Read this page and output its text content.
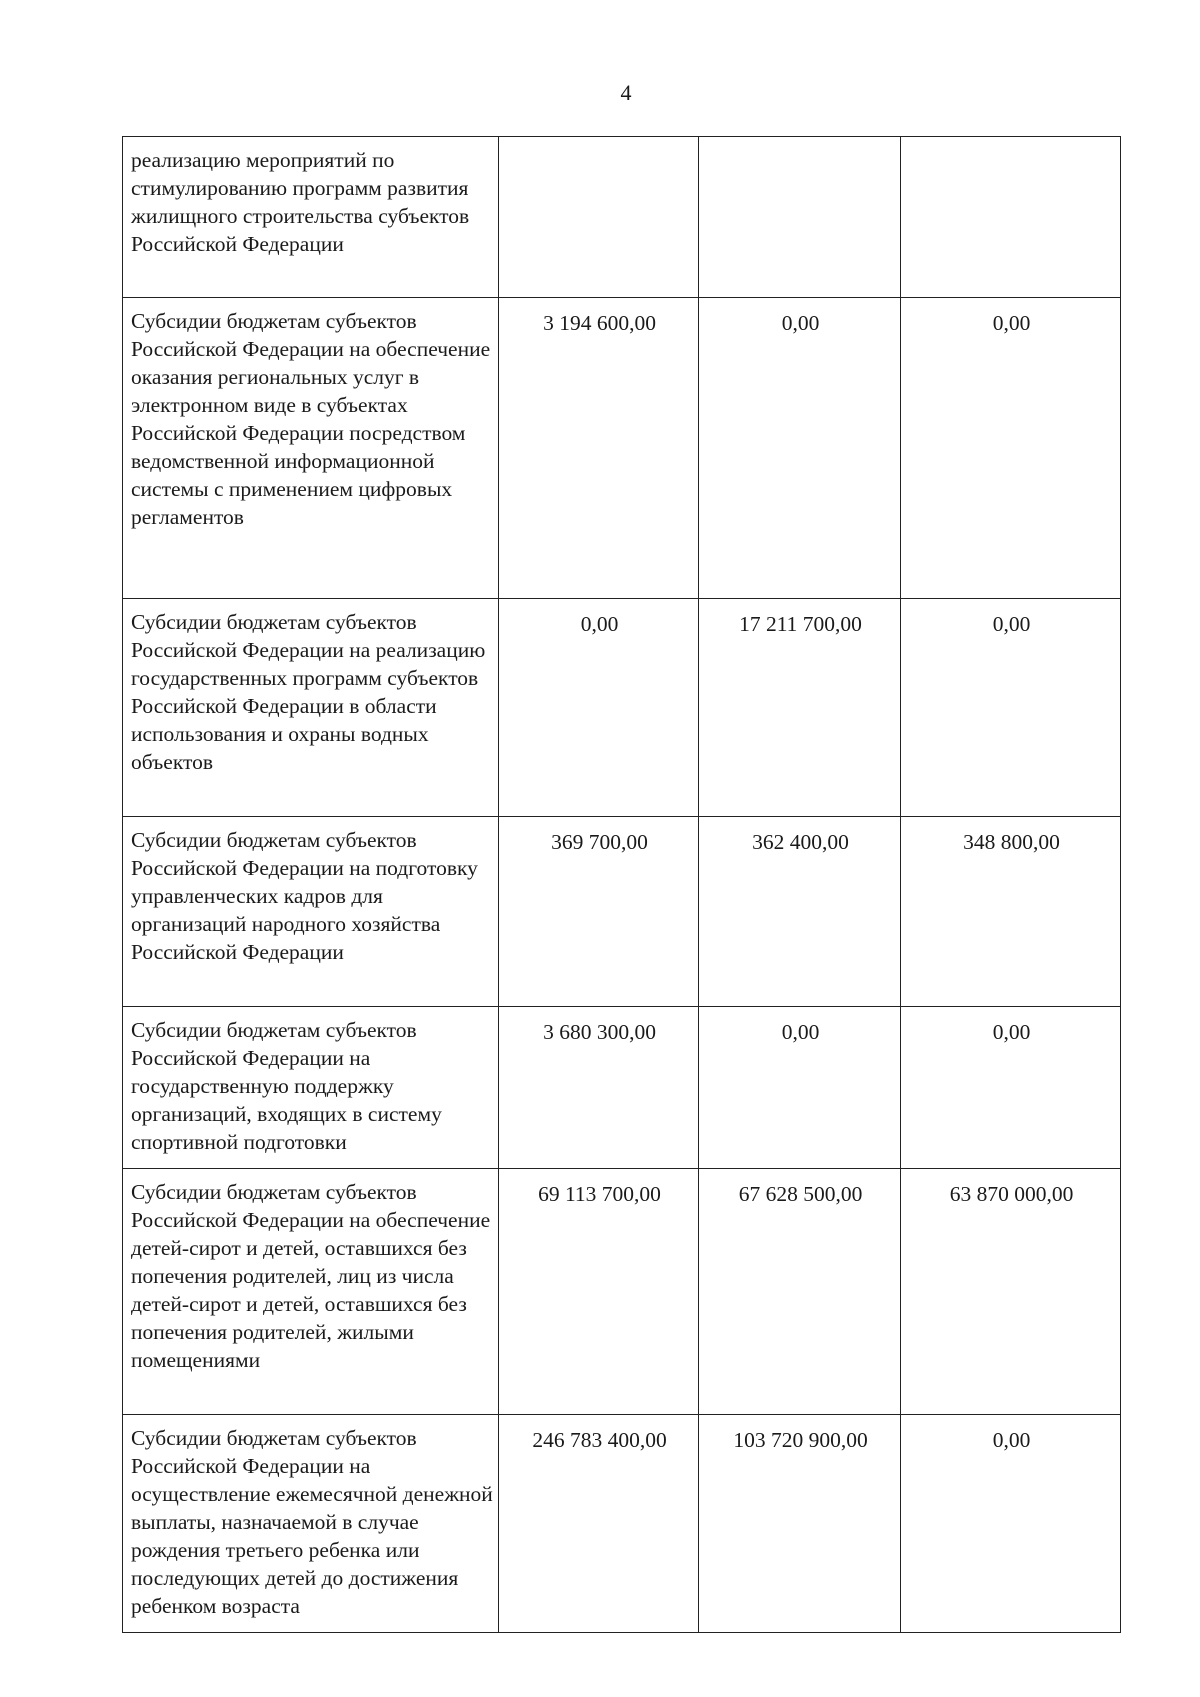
4
реализацию мероприятий по стимулированию программ развития жилищного строительства субъектов Российской Федерации			
Субсидии бюджетам субъектов Российской Федерации на обеспечение оказания региональных услуг в электронном виде в субъектах Российской Федерации посредством ведомственной информационной системы с применением цифровых регламентов	3 194 600,00	0,00	0,00
Субсидии бюджетам субъектов Российской Федерации на реализацию государственных программ субъектов Российской Федерации в области использования и охраны водных объектов	0,00	17 211 700,00	0,00
Субсидии бюджетам субъектов Российской Федерации на подготовку управленческих кадров для организаций народного хозяйства Российской Федерации	369 700,00	362 400,00	348 800,00
Субсидии бюджетам субъектов Российской Федерации на государственную поддержку организаций, входящих в систему спортивной подготовки	3 680 300,00	0,00	0,00
Субсидии бюджетам субъектов Российской Федерации на обеспечение детей-сирот и детей, оставшихся без попечения родителей, лиц из числа детей-сирот и детей, оставшихся без попечения родителей, жилыми помещениями	69 113 700,00	67 628 500,00	63 870 000,00
Субсидии бюджетам субъектов Российской Федерации на осуществление ежемесячной денежной выплаты, назначаемой в случае рождения третьего ребенка или последующих детей до достижения ребенком возраста	246 783 400,00	103 720 900,00	0,00
